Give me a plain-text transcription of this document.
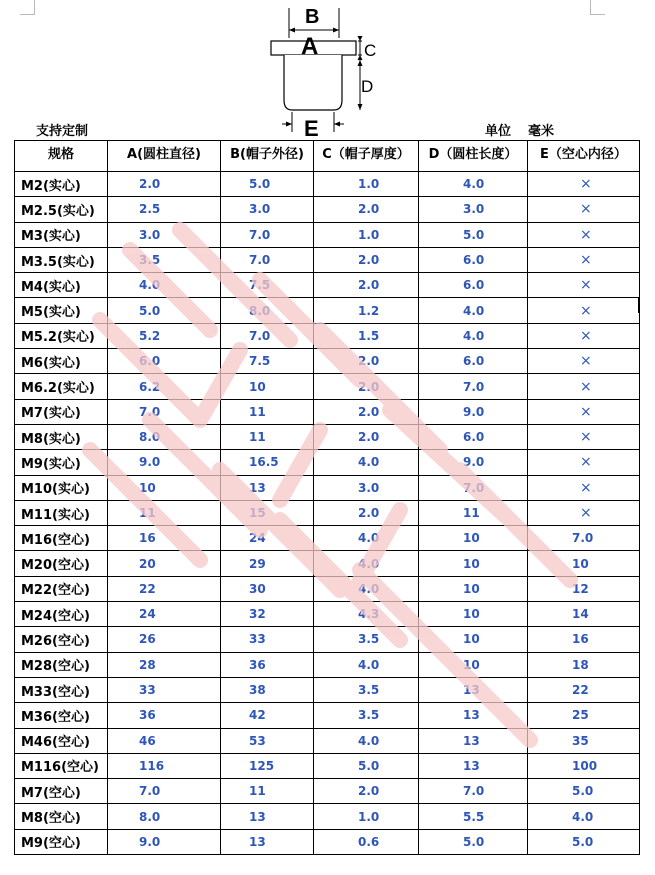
B
A	C
D
E
支持定制	单位 毫米
规格	A(圆柱直径)	B(帽子外径)	C（帽子厚度）	D（圆柱长度）	E（空心内径）
M2(实心)	2.0	5.0	1.0	4.0	×
M2.5(实心)	2.5	3.0	2.0	3.0	×
M3(实心)	3.0	7.0	1.0	5.0	×
M3.5(实心)	3.5	7.0	2.0	6.0	×
M4(实心)	4.0	7.5	2.0	6.0	×
M5(实心)	5.0	8.0	1.2	4.0	×
M5.2(实心)	5.2	7.0	1.5	4.0	×
M6(实心)	6.0	7.5	2.0	6.0	×
M6.2(实心)	6.2	10	2.0	7.0	×
M7(实心)	7.0	11	2.0	9.0	×
M8(实心)	8.0	11	2.0	6.0	×
M9(实心)	9.0	16.5	4.0	9.0	×
M10(实心)	10	13	3.0	7.0	×
M11(实心)	11	15	2.0	11	×
M16(空心)	16	24	4.0	10	7.0
M20(空心)	20	29	4.0	10	10
M22(空心)	22	30	4.0	10	12
M24(空心)	24	32	4.3	10	14
M26(空心)	26	33	3.5	10	16
M28(空心)	28	36	4.0	10	18
M33(空心)	33	38	3.5	13	22
M36(空心)	36	42	3.5	13	25
M46(空心)	46	53	4.0	13	35
M116(空心)	116	125	5.0	13	100
M7(空心)	7.0	11	2.0	7.0	5.0
M8(空心)	8.0	13	1.0	5.5	4.0
M9(空心)	9.0	13	0.6	5.0	5.0
